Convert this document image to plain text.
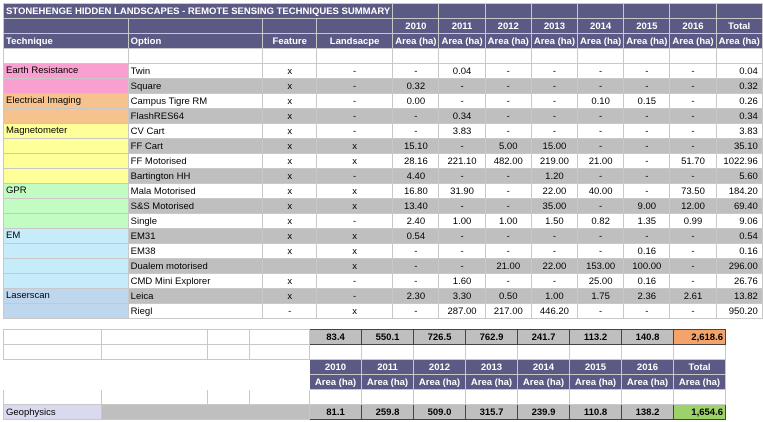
STONEHENGE HIDDEN LANDSCAPES - REMOTE SENSING TECHNIQUES SUMMARY											
				2010	2011	2012	2013	2014	2015	2016	Total
Technique	Option	Feature	Landsacpe	Area (ha)	Area (ha)	Area (ha)	Area (ha)	Area (ha)	Area (ha)	Area (ha)	Area (ha)

Earth Resistance	Twin	x	-	-	0.04	-	-	-	-	-	0.04
	Square	x	-	0.32	-	-	-	-	-	-	0.32
Electrical Imaging	Campus Tigre RM	x	-	0.00	-	-	-	0.10	0.15	-	0.26
	FlashRES64	x	-	-	0.34	-	-	-	-	-	0.34
Magnetometer	CV Cart	x	-	-	3.83	-	-	-	-	-	3.83
	FF Cart	x	x	15.10	-	5.00	15.00	-	-	-	35.10
	FF Motorised	x	x	28.16	221.10	482.00	219.00	21.00	-	51.70	1022.96
	Bartington HH	x	-	4.40	-	-	1.20	-	-	-	5.60
GPR	Mala Motorised	x	x	16.80	31.90	-	22.00	40.00	-	73.50	184.20
	S&S Motorised	x	x	13.40	-	-	35.00	-	9.00	12.00	69.40
	Single	x	-	2.40	1.00	1.00	1.50	0.82	1.35	0.99	9.06
EM	EM31	x	x	0.54	-	-	-	-	-	-	0.54
	EM38	x	x	-	-	-	-	-	0.16	-	0.16
	Dualem motorised		x	-	-	21.00	22.00	153.00	100.00	-	296.00
	CMD Mini Explorer	x	-	-	1.60	-	-	25.00	0.16	-	26.76
Laserscan	Leica	x	-	2.30	3.30	0.50	1.00	1.75	2.36	2.61	13.82
	Riegl	-	x	-	287.00	217.00	446.20	-	-	-	950.20
				83.4	550.1	726.5	762.9	241.7	113.2	140.8	2,618.6

				2010	2011	2012	2013	2014	2015	2016	Total
				Area (ha)	Area (ha)	Area (ha)	Area (ha)	Area (ha)	Area (ha)	Area (ha)	Area (ha)

Geophysics				81.1	259.8	509.0	315.7	239.9	110.8	138.2	1,654.6
